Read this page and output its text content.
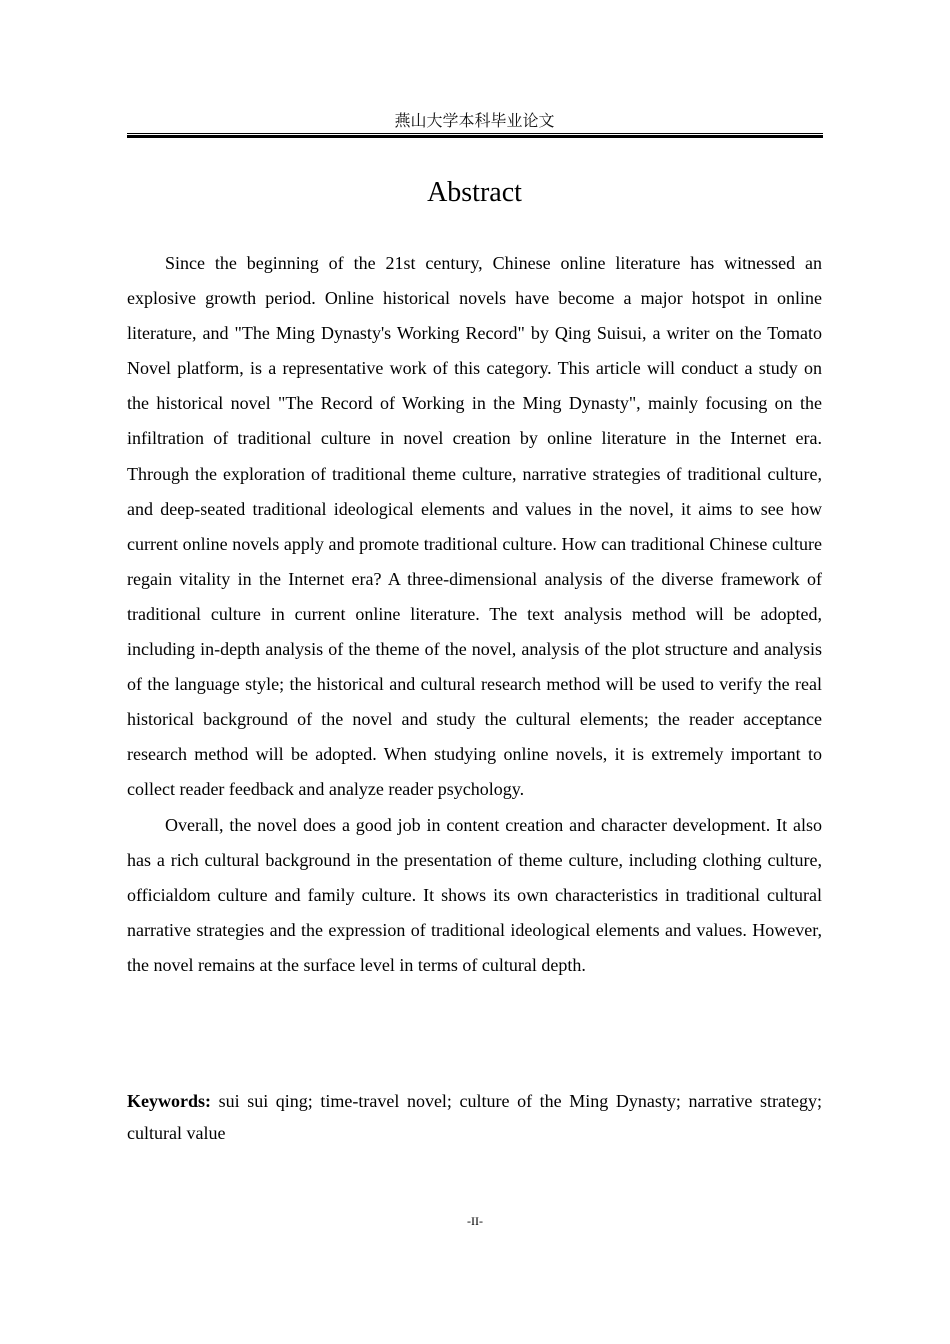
燕山大学本科毕业论文
Abstract

Since the beginning of the 21st century, Chinese online literature has witnessed an explosive growth period. Online historical novels have become a major hotspot in online literature, and "The Ming Dynasty's Working Record" by Qing Suisui, a writer on the Tomato Novel platform, is a representative work of this category. This article will conduct a study on the historical novel "The Record of Working in the Ming Dynasty", mainly focusing on the infiltration of traditional culture in novel creation by online literature in the Internet era. Through the exploration of traditional theme culture, narrative strategies of traditional culture, and deep-seated traditional ideological elements and values in the novel, it aims to see how current online novels apply and promote traditional culture. How can traditional Chinese culture regain vitality in the Internet era? A three-dimensional analysis of the diverse framework of traditional culture in current online literature. The text analysis method will be adopted, including in-depth analysis of the theme of the novel, analysis of the plot structure and analysis of the language style; the historical and cultural research method will be used to verify the real historical background of the novel and study the cultural elements; the reader acceptance research method will be adopted. When studying online novels, it is extremely important to collect reader feedback and analyze reader psychology.

Overall, the novel does a good job in content creation and character development. It also has a rich cultural background in the presentation of theme culture, including clothing culture, officialdom culture and family culture. It shows its own characteristics in traditional cultural narrative strategies and the expression of traditional ideological elements and values. However, the novel remains at the surface level in terms of cultural depth.

Keywords: sui sui qing; time-travel novel; culture of the Ming Dynasty; narrative strategy; cultural value
-II-
